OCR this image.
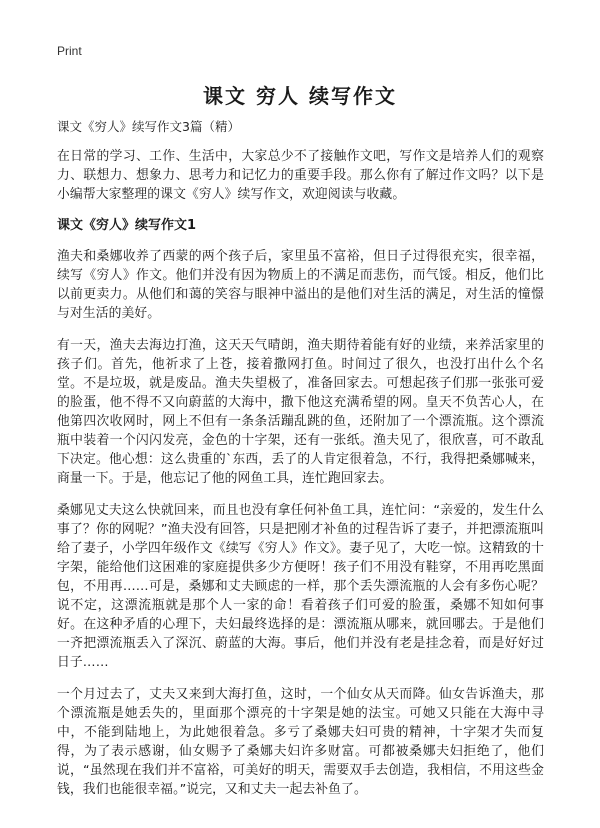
Print
课文 穷人 续写作文

课文《穷人》续写作文3篇（精）

在日常的学习、工作、生活中，大家总少不了接触作文吧，写作文是培养人们的观察力、联想力、想象力、思考力和记忆力的重要手段。那么你有了解过作文吗？以下是小编帮大家整理的课文《穷人》续写作文，欢迎阅读与收藏。

课文《穷人》续写作文1

渔夫和桑娜收养了西蒙的两个孩子后，家里虽不富裕，但日子过得很充实，很幸福，续写《穷人》作文。他们并没有因为物质上的不满足而悲伤，而气馁。相反，他们比以前更卖力。从他们和蔼的笑容与眼神中溢出的是他们对生活的满足，对生活的憧憬与对生活的美好。

有一天，渔夫去海边打渔，这天天气晴朗，渔夫期待着能有好的业绩，来养活家里的孩子们。首先，他祈求了上苍，接着撒网打鱼。时间过了很久，也没打出什么个名堂。不是垃圾，就是废品。渔夫失望极了，准备回家去。可想起孩子们那一张张可爱的脸蛋，他不得不又向蔚蓝的大海中，撒下他这充满希望的网。皇天不负苦心人，在他第四次收网时，网上不但有一条条活蹦乱跳的鱼，还附加了一个漂流瓶。这个漂流瓶中装着一个闪闪发亮，金色的十字架，还有一张纸。渔夫见了，很欣喜，可不敢乱下决定。他心想：这么贵重的`东西，丢了的人肯定很着急，不行，我得把桑娜喊来，商量一下。于是，他忘记了他的网鱼工具，连忙跑回家去。

桑娜见丈夫这么快就回来，而且也没有拿任何补鱼工具，连忙问：“亲爱的，发生什么事了？你的网呢？”渔夫没有回答，只是把刚才补鱼的过程告诉了妻子，并把漂流瓶叫给了妻子，小学四年级作文《续写《穷人》作文》。妻子见了，大吃一惊。这精致的十字架，能给他们这困难的家庭提供多少方便呀！孩子们不用没有鞋穿，不用再吃黑面包，不用再……可是，桑娜和丈夫顾虑的一样，那个丢失漂流瓶的人会有多伤心呢？说不定，这漂流瓶就是那个人一家的命！看着孩子们可爱的脸蛋，桑娜不知如何事好。在这种矛盾的心理下，夫妇最终选择的是：漂流瓶从哪来，就回哪去。于是他们一齐把漂流瓶丢入了深沉、蔚蓝的大海。事后，他们并没有老是挂念着，而是好好过日子……

一个月过去了，丈夫又来到大海打鱼，这时，一个仙女从天而降。仙女告诉渔夫，那个漂流瓶是她丢失的，里面那个漂亮的十字架是她的法宝。可她又只能在大海中寻中，不能到陆地上，为此她很着急。多亏了桑娜夫妇可贵的精神，十字架才失而复得，为了表示感谢，仙女赐予了桑娜夫妇许多财富。可都被桑娜夫妇拒绝了，他们说，“虽然现在我们并不富裕，可美好的明天，需要双手去创造，我相信，不用这些金钱，我们也能很幸福。”说完，又和丈夫一起去补鱼了。
